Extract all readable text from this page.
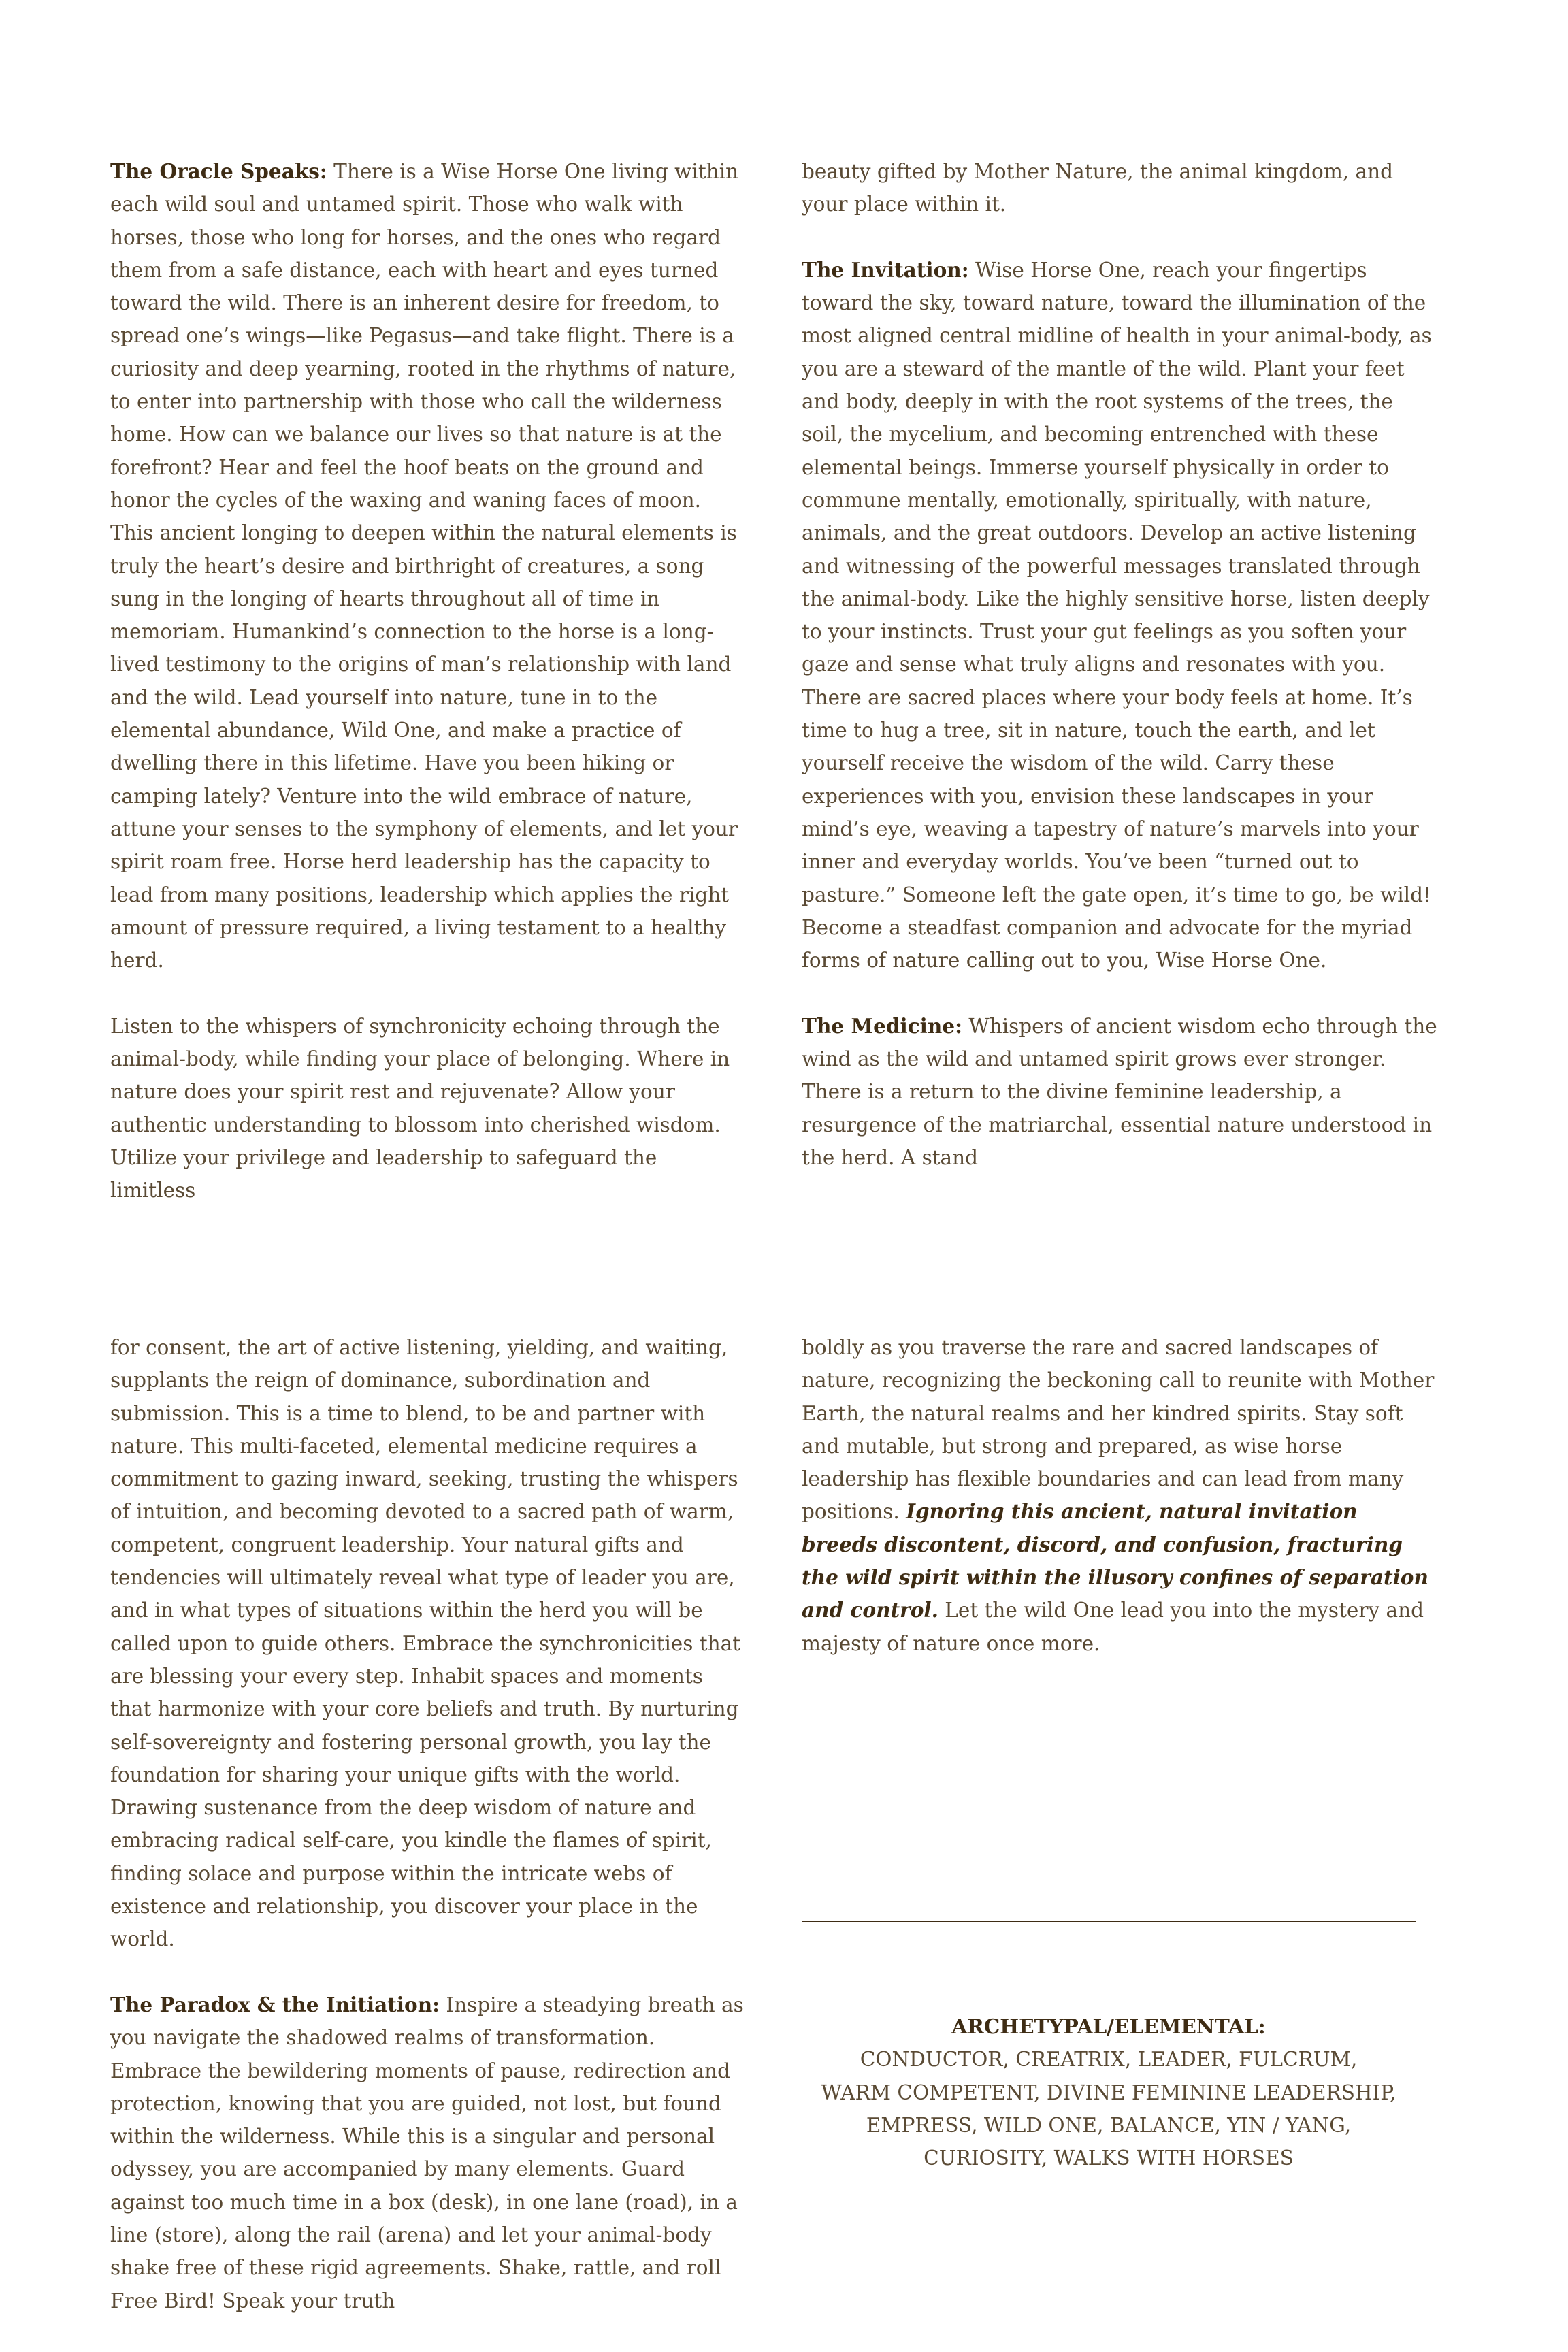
The Oracle Speaks: There is a Wise Horse One living within each wild soul and untamed spirit. Those who walk with horses, those who long for horses, and the ones who regard them from a safe distance, each with heart and eyes turned toward the wild. There is an inherent desire for freedom, to spread one’s wings—like Pegasus—and take flight. There is a curiosity and deep yearning, rooted in the rhythms of nature, to enter into partnership with those who call the wilderness home. How can we balance our lives so that nature is at the forefront? Hear and feel the hoof beats on the ground and honor the cycles of the waxing and waning faces of moon. This ancient longing to deepen within the natural elements is truly the heart’s desire and birthright of creatures, a song sung in the longing of hearts throughout all of time in memoriam. Humankind’s connection to the horse is a long-lived testimony to the origins of man’s relationship with land and the wild. Lead yourself into nature, tune in to the elemental abundance, Wild One, and make a practice of dwelling there in this lifetime. Have you been hiking or camping lately? Venture into the wild embrace of nature, attune your senses to the symphony of elements, and let your spirit roam free. Horse herd leadership has the capacity to lead from many positions, leadership which applies the right amount of pressure required, a living testament to a healthy herd.

Listen to the whispers of synchronicity echoing through the animal-body, while finding your place of belonging. Where in nature does your spirit rest and rejuvenate? Allow your authentic understanding to blossom into cherished wisdom. Utilize your privilege and leadership to safeguard the limitless

beauty gifted by Mother Nature, the animal kingdom, and your place within it.

The Invitation: Wise Horse One, reach your fingertips toward the sky, toward nature, toward the illumination of the most aligned central midline of health in your animal-body, as you are a steward of the mantle of the wild. Plant your feet and body, deeply in with the root systems of the trees, the soil, the mycelium, and becoming entrenched with these elemental beings. Immerse yourself physically in order to commune mentally, emotionally, spiritually, with nature, animals, and the great outdoors. Develop an active listening and witnessing of the powerful messages translated through the animal-body. Like the highly sensitive horse, listen deeply to your instincts. Trust your gut feelings as you soften your gaze and sense what truly aligns and resonates with you. There are sacred places where your body feels at home. It’s time to hug a tree, sit in nature, touch the earth, and let yourself receive the wisdom of the wild. Carry these experiences with you, envision these landscapes in your mind’s eye, weaving a tapestry of nature’s marvels into your inner and everyday worlds. You’ve been “turned out to pasture.” Someone left the gate open, it’s time to go, be wild! Become a steadfast companion and advocate for the myriad forms of nature calling out to you, Wise Horse One.

The Medicine: Whispers of ancient wisdom echo through the wind as the wild and untamed spirit grows ever stronger. There is a return to the divine feminine leadership, a resurgence of the matriarchal, essential nature understood in the herd. A stand

for consent, the art of active listening, yielding, and waiting, supplants the reign of dominance, subordination and submission. This is a time to blend, to be and partner with nature. This multi-faceted, elemental medicine requires a commitment to gazing inward, seeking, trusting the whispers of intuition, and becoming devoted to a sacred path of warm, competent, congruent leadership. Your natural gifts and tendencies will ultimately reveal what type of leader you are, and in what types of situations within the herd you will be called upon to guide others. Embrace the synchronicities that are blessing your every step. Inhabit spaces and moments that harmonize with your core beliefs and truth. By nurturing self-sovereignty and fostering personal growth, you lay the foundation for sharing your unique gifts with the world. Drawing sustenance from the deep wisdom of nature and embracing radical self-care, you kindle the flames of spirit, finding solace and purpose within the intricate webs of existence and relationship, you discover your place in the world.

The Paradox & the Initiation: Inspire a steadying breath as you navigate the shadowed realms of transformation. Embrace the bewildering moments of pause, redirection and protection, knowing that you are guided, not lost, but found within the wilderness. While this is a singular and personal odyssey, you are accompanied by many elements. Guard against too much time in a box (desk), in one lane (road), in a line (store), along the rail (arena) and let your animal-body shake free of these rigid agreements. Shake, rattle, and roll Free Bird! Speak your truth

boldly as you traverse the rare and sacred landscapes of nature, recognizing the beckoning call to reunite with Mother Earth, the natural realms and her kindred spirits. Stay soft and mutable, but strong and prepared, as wise horse leadership has flexible boundaries and can lead from many positions. Ignoring this ancient, natural invitation breeds discontent, discord, and confusion, fracturing the wild spirit within the illusory confines of separation and control. Let the wild One lead you into the mystery and majesty of nature once more.

ARCHETYPAL/ELEMENTAL:
CONDUCTOR, CREATRIX, LEADER, FULCRUM,
WARM COMPETENT, DIVINE FEMININE LEADERSHIP,
EMPRESS, WILD ONE, BALANCE, YIN / YANG,
CURIOSITY, WALKS WITH HORSES
